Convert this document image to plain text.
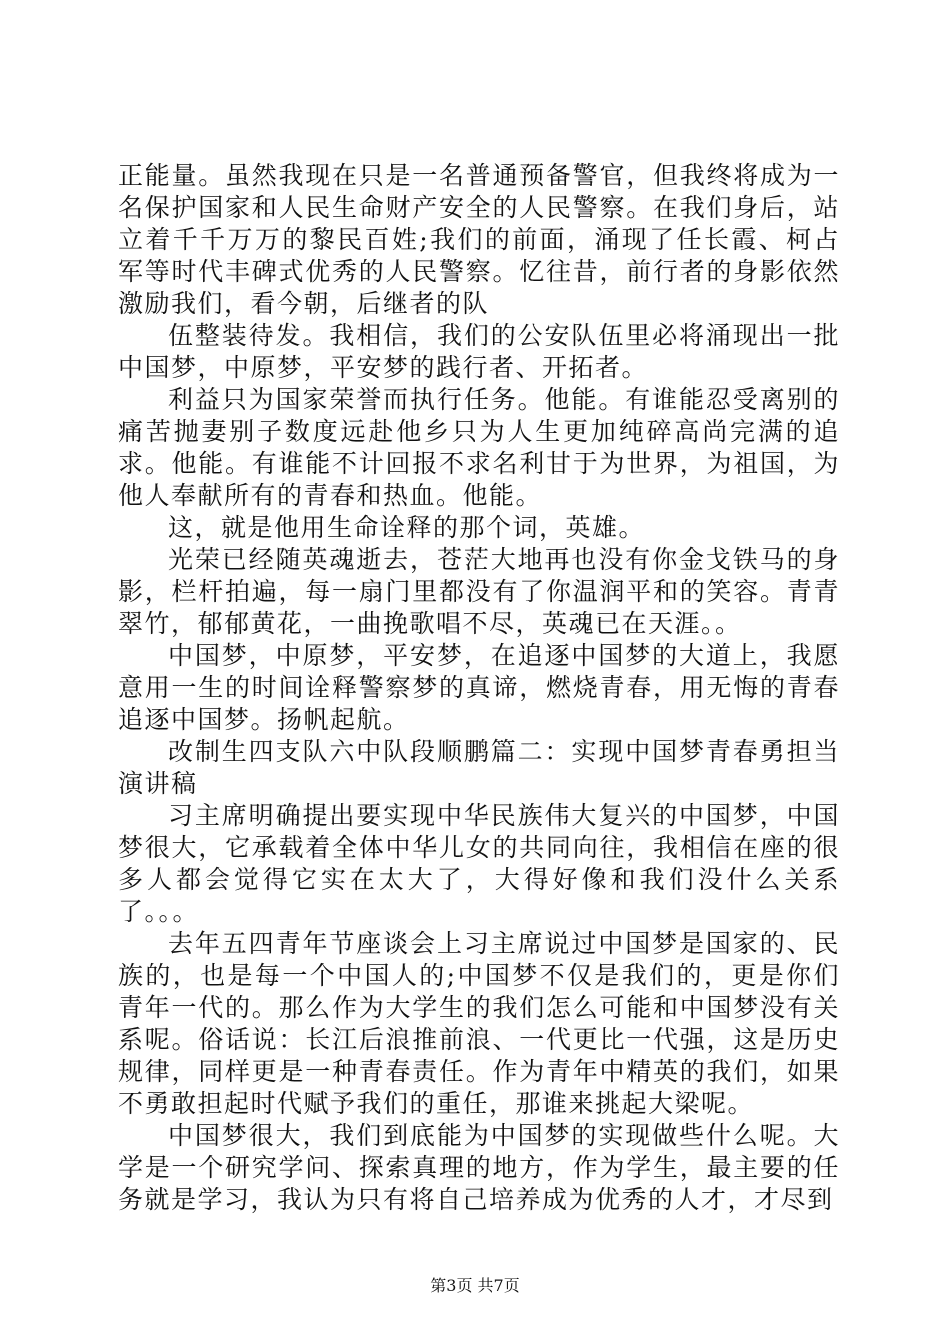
正能量。虽然我现在只是一名普通预备警官，但我终将成为一名保护国家和人民生命财产安全的人民警察。在我们身后，站立着千千万万的黎民百姓;我们的前面，涌现了任长霞、柯占军等时代丰碑式优秀的人民警察。忆往昔，前行者的身影依然激励我们，看今朝，后继者的队

伍整装待发。我相信，我们的公安队伍里必将涌现出一批中国梦，中原梦，平安梦的践行者、开拓者。

利益只为国家荣誉而执行任务。他能。有谁能忍受离别的痛苦抛妻别子数度远赴他乡只为人生更加纯碎高尚完满的追求。他能。有谁能不计回报不求名利甘于为世界，为祖国，为他人奉献所有的青春和热血。他能。

这，就是他用生命诠释的那个词，英雄。

光荣已经随英魂逝去，苍茫大地再也没有你金戈铁马的身影，栏杆拍遍，每一扇门里都没有了你温润平和的笑容。青青翠竹，郁郁黄花，一曲挽歌唱不尽，英魂已在天涯。。

中国梦，中原梦，平安梦，在追逐中国梦的大道上，我愿意用一生的时间诠释警察梦的真谛，燃烧青春，用无悔的青春追逐中国梦。扬帆起航。

改制生四支队六中队段顺鹏篇二：实现中国梦青春勇担当演讲稿

习主席明确提出要实现中华民族伟大复兴的中国梦，中国梦很大，它承载着全体中华儿女的共同向往，我相信在座的很多人都会觉得它实在太大了，大得好像和我们没什么关系了。。。

去年五四青年节座谈会上习主席说过中国梦是国家的、民族的，也是每一个中国人的;中国梦不仅是我们的，更是你们青年一代的。那么作为大学生的我们怎么可能和中国梦没有关系呢。俗话说：长江后浪推前浪、一代更比一代强，这是历史规律，同样更是一种青春责任。作为青年中精英的我们，如果不勇敢担起时代赋予我们的重任，那谁来挑起大梁呢。

中国梦很大，我们到底能为中国梦的实现做些什么呢。大学是一个研究学问、探索真理的地方，作为学生，最主要的任务就是学习，我认为只有将自己培养成为优秀的人才，才尽到

第3页 共7页
